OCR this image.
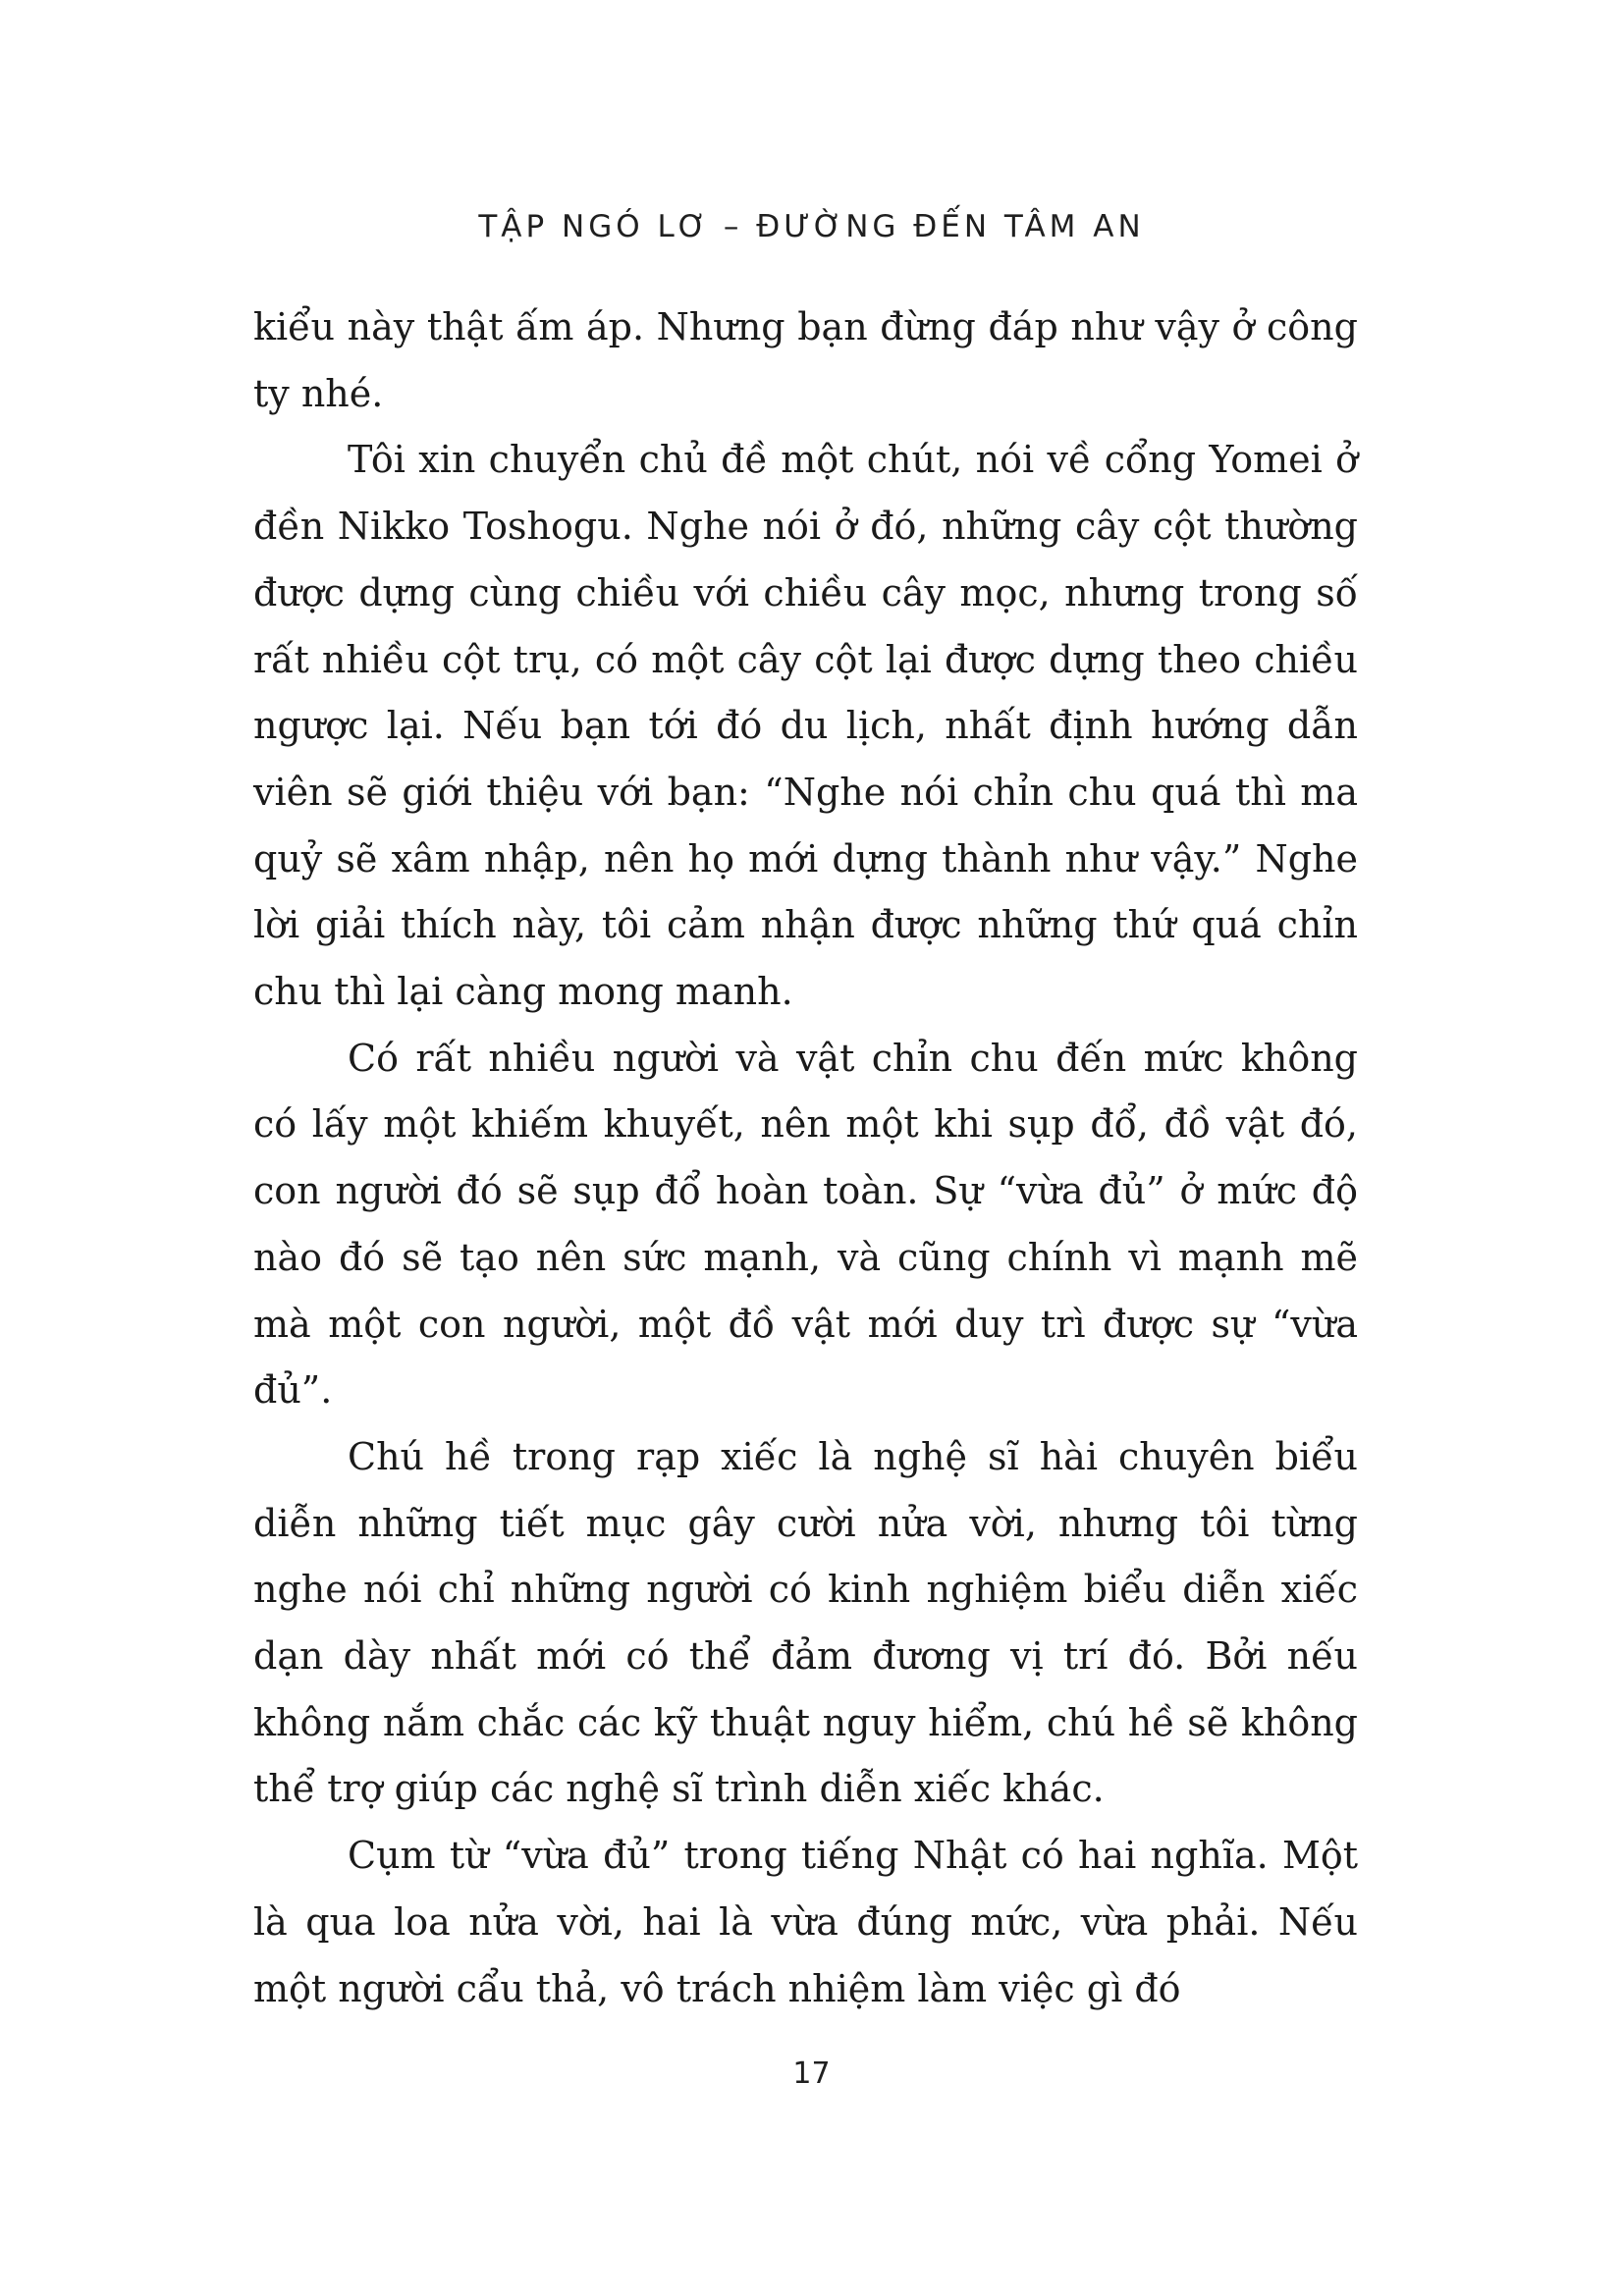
TẬP NGÓ LƠ – ĐƯỜNG ĐẾN TÂM AN

kiểu này thật ấm áp. Nhưng bạn đừng đáp như vậy ở công ty nhé.

Tôi xin chuyển chủ đề một chút, nói về cổng Yomei ở đền Nikko Toshogu. Nghe nói ở đó, những cây cột thường được dựng cùng chiều với chiều cây mọc, nhưng trong số rất nhiều cột trụ, có một cây cột lại được dựng theo chiều ngược lại. Nếu bạn tới đó du lịch, nhất định hướng dẫn viên sẽ giới thiệu với bạn: “Nghe nói chỉn chu quá thì ma quỷ sẽ xâm nhập, nên họ mới dựng thành như vậy.” Nghe lời giải thích này, tôi cảm nhận được những thứ quá chỉn chu thì lại càng mong manh.

Có rất nhiều người và vật chỉn chu đến mức không có lấy một khiếm khuyết, nên một khi sụp đổ, đồ vật đó, con người đó sẽ sụp đổ hoàn toàn. Sự “vừa đủ” ở mức độ nào đó sẽ tạo nên sức mạnh, và cũng chính vì mạnh mẽ mà một con người, một đồ vật mới duy trì được sự “vừa đủ”.

Chú hề trong rạp xiếc là nghệ sĩ hài chuyên biểu diễn những tiết mục gây cười nửa vời, nhưng tôi từng nghe nói chỉ những người có kinh nghiệm biểu diễn xiếc dạn dày nhất mới có thể đảm đương vị trí đó. Bởi nếu không nắm chắc các kỹ thuật nguy hiểm, chú hề sẽ không thể trợ giúp các nghệ sĩ trình diễn xiếc khác.

Cụm từ “vừa đủ” trong tiếng Nhật có hai nghĩa. Một là qua loa nửa vời, hai là vừa đúng mức, vừa phải. Nếu một người cẩu thả, vô trách nhiệm làm việc gì đó

17
